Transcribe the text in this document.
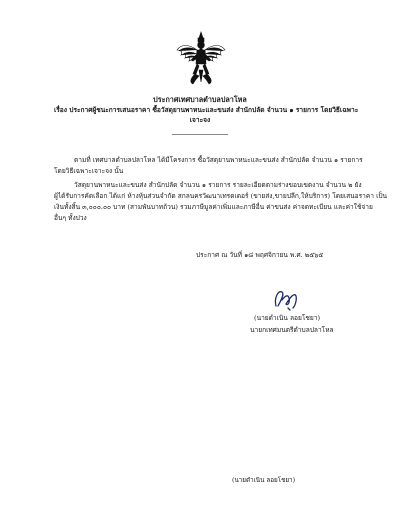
ประกาศเทศบาลตำบลปลาโหล
เรื่อง ประกาศผู้ชนะการเสนอราคา ซื้อวัสดุยานพาหนะและขนส่ง สำนักปลัด จำนวน ๑ รายการ โดยวิธีเฉพาะ
เจาะจง
ตามที่ เทศบาลตำบลปลาโหล ได้มีโครงการ ซื้อวัสดุยานพาหนะและขนส่ง สำนักปลัด จำนวน ๑ รายการ
โดยวิธีเฉพาะเจาะจง นั้น
วัสดุยานพาหนะและขนส่ง สำนักปลัด จำนวน ๑ รายการ รายละเอียดตามร่างขอบเขตงาน จำนวน ๒ ยัง
ผู้ได้รับการคัดเลือก ได้แก่ ห้างหุ้นส่วนจำกัด สกลนครวัฒนาเทรดเดอร์ (ขายส่ง,ขายปลีก,ให้บริการ) โดยเสนอราคา เป็น
เงินทั้งสิ้น ๓,๐๐๐.๐๐ บาท (สามพันบาทถ้วน) รวมภาษีมูลค่าเพิ่มและภาษีอื่น ค่าขนส่ง ค่าจดทะเบียน และค่าใช้จ่าย
อื่นๆ ทั้งปวง
ประกาศ ณ วันที่ ๑๘ พฤศจิกายน พ.ศ. ๒๕๖๕
(นายดำเนิน ลอยโชยา)
นายกเทศมนตรีตำบลปลาโหล
(นายดำเนิน ลอยโชยา)
